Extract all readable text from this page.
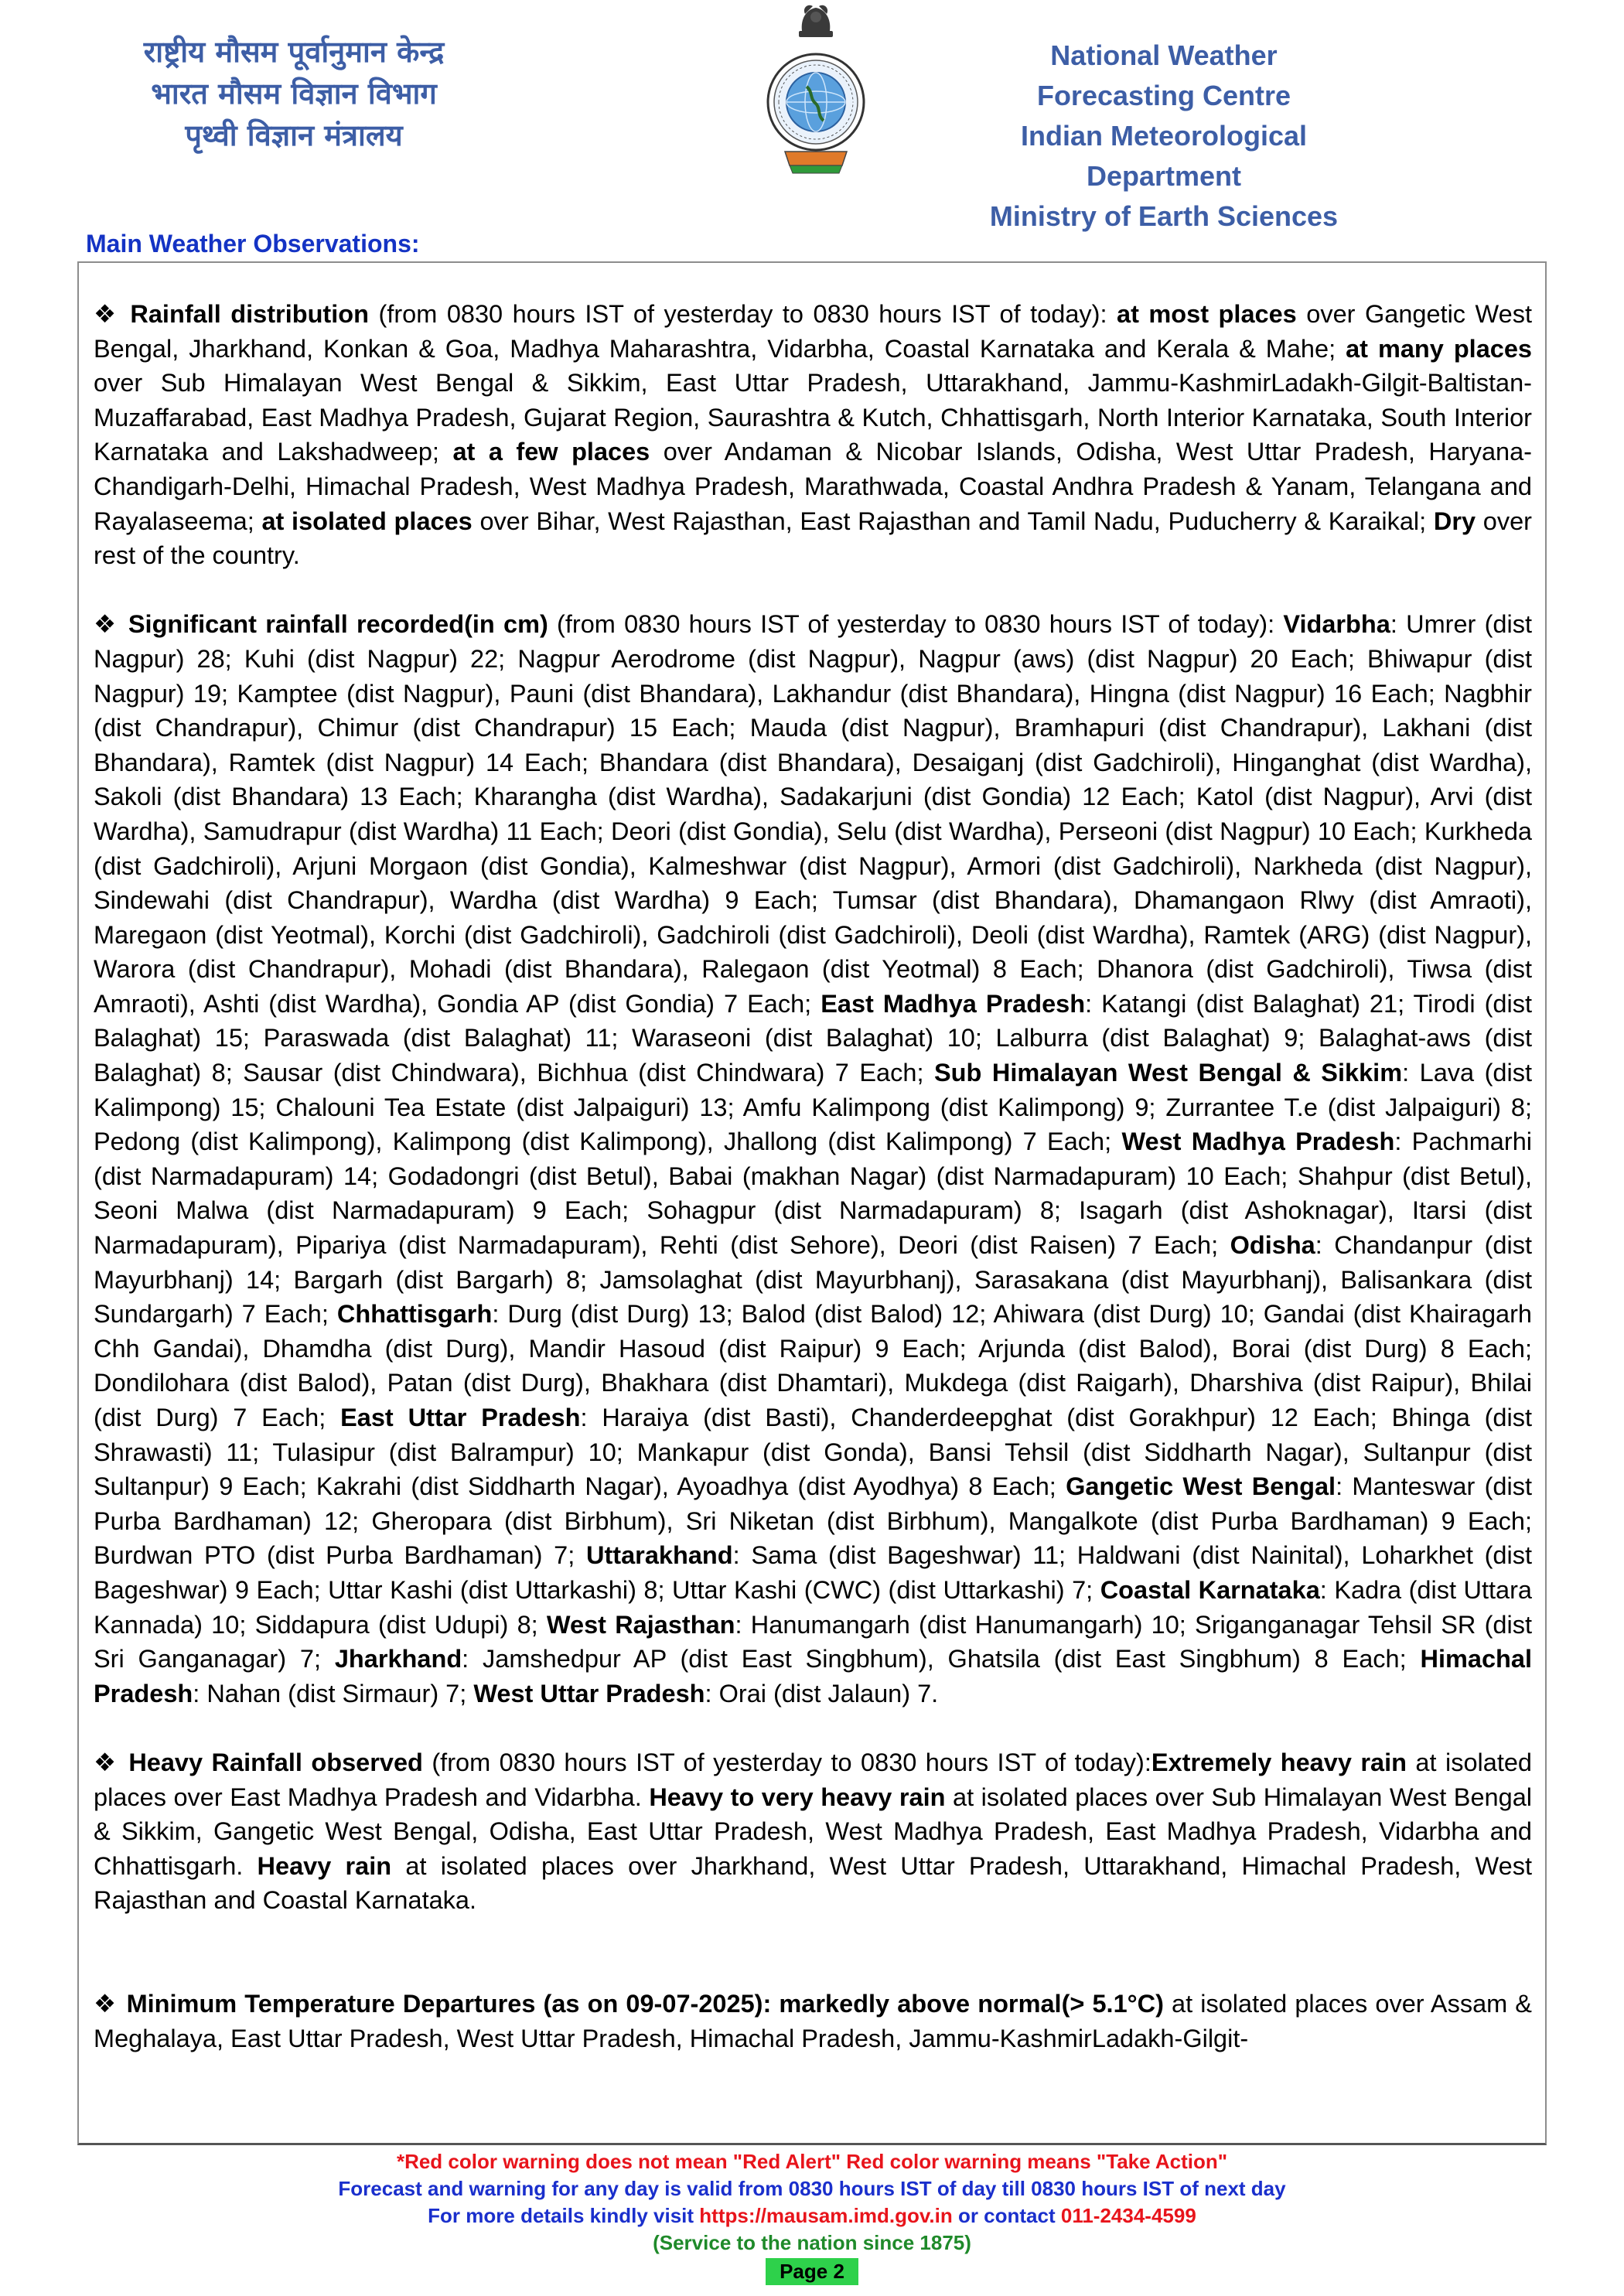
राष्ट्रीय मौसम पूर्वानुमान केन्द्र
भारत मौसम विज्ञान विभाग
पृथ्वी विज्ञान मंत्रालय
National Weather Forecasting Centre
Indian Meteorological Department
Ministry of Earth Sciences
Main Weather Observations:

❖ Rainfall distribution (from 0830 hours IST of yesterday to 0830 hours IST of today): at most places over Gangetic West Bengal, Jharkhand, Konkan & Goa, Madhya Maharashtra, Vidarbha, Coastal Karnataka and Kerala & Mahe; at many places over Sub Himalayan West Bengal & Sikkim, East Uttar Pradesh, Uttarakhand, Jammu-KashmirLadakh-Gilgit-Baltistan-Muzaffarabad, East Madhya Pradesh, Gujarat Region, Saurashtra & Kutch, Chhattisgarh, North Interior Karnataka, South Interior Karnataka and Lakshadweep; at a few places over Andaman & Nicobar Islands, Odisha, West Uttar Pradesh, Haryana-Chandigarh-Delhi, Himachal Pradesh, West Madhya Pradesh, Marathwada, Coastal Andhra Pradesh & Yanam, Telangana and Rayalaseema; at isolated places over Bihar, West Rajasthan, East Rajasthan and Tamil Nadu, Puducherry & Karaikal; Dry over rest of the country.

❖ Significant rainfall recorded(in cm) (from 0830 hours IST of yesterday to 0830 hours IST of today): Vidarbha: Umrer (dist Nagpur) 28; Kuhi (dist Nagpur) 22; Nagpur Aerodrome (dist Nagpur), Nagpur (aws) (dist Nagpur) 20 Each; Bhiwapur (dist Nagpur) 19; Kamptee (dist Nagpur), Pauni (dist Bhandara), Lakhandur (dist Bhandara), Hingna (dist Nagpur) 16 Each; Nagbhir (dist Chandrapur), Chimur (dist Chandrapur) 15 Each; Mauda (dist Nagpur), Bramhapuri (dist Chandrapur), Lakhani (dist Bhandara), Ramtek (dist Nagpur) 14 Each; Bhandara (dist Bhandara), Desaiganj (dist Gadchiroli), Hinganghat (dist Wardha), Sakoli (dist Bhandara) 13 Each; Kharangha (dist Wardha), Sadakarjuni (dist Gondia) 12 Each; Katol (dist Nagpur), Arvi (dist Wardha), Samudrapur (dist Wardha) 11 Each; Deori (dist Gondia), Selu (dist Wardha), Perseoni (dist Nagpur) 10 Each; Kurkheda (dist Gadchiroli), Arjuni Morgaon (dist Gondia), Kalmeshwar (dist Nagpur), Armori (dist Gadchiroli), Narkheda (dist Nagpur), Sindewahi (dist Chandrapur), Wardha (dist Wardha) 9 Each; Tumsar (dist Bhandara), Dhamangaon Rlwy (dist Amraoti), Maregaon (dist Yeotmal), Korchi (dist Gadchiroli), Gadchiroli (dist Gadchiroli), Deoli (dist Wardha), Ramtek (ARG) (dist Nagpur), Warora (dist Chandrapur), Mohadi (dist Bhandara), Ralegaon (dist Yeotmal) 8 Each; Dhanora (dist Gadchiroli), Tiwsa (dist Amraoti), Ashti (dist Wardha), Gondia AP (dist Gondia) 7 Each; East Madhya Pradesh: Katangi (dist Balaghat) 21; Tirodi (dist Balaghat) 15; Paraswada (dist Balaghat) 11; Waraseoni (dist Balaghat) 10; Lalburra (dist Balaghat) 9; Balaghat-aws (dist Balaghat) 8; Sausar (dist Chindwara), Bichhua (dist Chindwara) 7 Each; Sub Himalayan West Bengal & Sikkim: Lava (dist Kalimpong) 15; Chalouni Tea Estate (dist Jalpaiguri) 13; Amfu Kalimpong (dist Kalimpong) 9; Zurrantee T.e (dist Jalpaiguri) 8; Pedong (dist Kalimpong), Kalimpong (dist Kalimpong), Jhallong (dist Kalimpong) 7 Each; West Madhya Pradesh: Pachmarhi (dist Narmadapuram) 14; Godadongri (dist Betul), Babai (makhan Nagar) (dist Narmadapuram) 10 Each; Shahpur (dist Betul), Seoni Malwa (dist Narmadapuram) 9 Each; Sohagpur (dist Narmadapuram) 8; Isagarh (dist Ashoknagar), Itarsi (dist Narmadapuram), Pipariya (dist Narmadapuram), Rehti (dist Sehore), Deori (dist Raisen) 7 Each; Odisha: Chandanpur (dist Mayurbhanj) 14; Bargarh (dist Bargarh) 8; Jamsolaghat (dist Mayurbhanj), Sarasakana (dist Mayurbhanj), Balisankara (dist Sundargarh) 7 Each; Chhattisgarh: Durg (dist Durg) 13; Balod (dist Balod) 12; Ahiwara (dist Durg) 10; Gandai (dist Khairagarh Chh Gandai), Dhamdha (dist Durg), Mandir Hasoud (dist Raipur) 9 Each; Arjunda (dist Balod), Borai (dist Durg) 8 Each; Dondilohara (dist Balod), Patan (dist Durg), Bhakhara (dist Dhamtari), Mukdega (dist Raigarh), Dharshiva (dist Raipur), Bhilai (dist Durg) 7 Each; East Uttar Pradesh: Haraiya (dist Basti), Chanderdeepghat (dist Gorakhpur) 12 Each; Bhinga (dist Shrawasti) 11; Tulasipur (dist Balrampur) 10; Mankapur (dist Gonda), Bansi Tehsil (dist Siddharth Nagar), Sultanpur (dist Sultanpur) 9 Each; Kakrahi (dist Siddharth Nagar), Ayoadhya (dist Ayodhya) 8 Each; Gangetic West Bengal: Manteswar (dist Purba Bardhaman) 12; Gheropara (dist Birbhum), Sri Niketan (dist Birbhum), Mangalkote (dist Purba Bardhaman) 9 Each; Burdwan PTO (dist Purba Bardhaman) 7; Uttarakhand: Sama (dist Bageshwar) 11; Haldwani (dist Nainital), Loharkhet (dist Bageshwar) 9 Each; Uttar Kashi (dist Uttarkashi) 8; Uttar Kashi (CWC) (dist Uttarkashi) 7; Coastal Karnataka: Kadra (dist Uttara Kannada) 10; Siddapura (dist Udupi) 8; West Rajasthan: Hanumangarh (dist Hanumangarh) 10; Sriganganagar Tehsil SR (dist Sri Ganganagar) 7; Jharkhand: Jamshedpur AP (dist East Singbhum), Ghatsila (dist East Singbhum) 8 Each; Himachal Pradesh: Nahan (dist Sirmaur) 7; West Uttar Pradesh: Orai (dist Jalaun) 7.

❖ Heavy Rainfall observed (from 0830 hours IST of yesterday to 0830 hours IST of today):Extremely heavy rain at isolated places over East Madhya Pradesh and Vidarbha. Heavy to very heavy rain at isolated places over Sub Himalayan West Bengal & Sikkim, Gangetic West Bengal, Odisha, East Uttar Pradesh, West Madhya Pradesh, East Madhya Pradesh, Vidarbha and Chhattisgarh. Heavy rain at isolated places over Jharkhand, West Uttar Pradesh, Uttarakhand, Himachal Pradesh, West Rajasthan and Coastal Karnataka.

❖ Minimum Temperature Departures (as on 09-07-2025): markedly above normal(> 5.1°C) at isolated places over Assam & Meghalaya, East Uttar Pradesh, West Uttar Pradesh, Himachal Pradesh, Jammu-KashmirLadakh-Gilgit-

*Red color warning does not mean "Red Alert" Red color warning means "Take Action"
Forecast and warning for any day is valid from 0830 hours IST of day till 0830 hours IST of next day
For more details kindly visit https://mausam.imd.gov.in or contact 011-2434-4599
(Service to the nation since 1875)
Page 2
